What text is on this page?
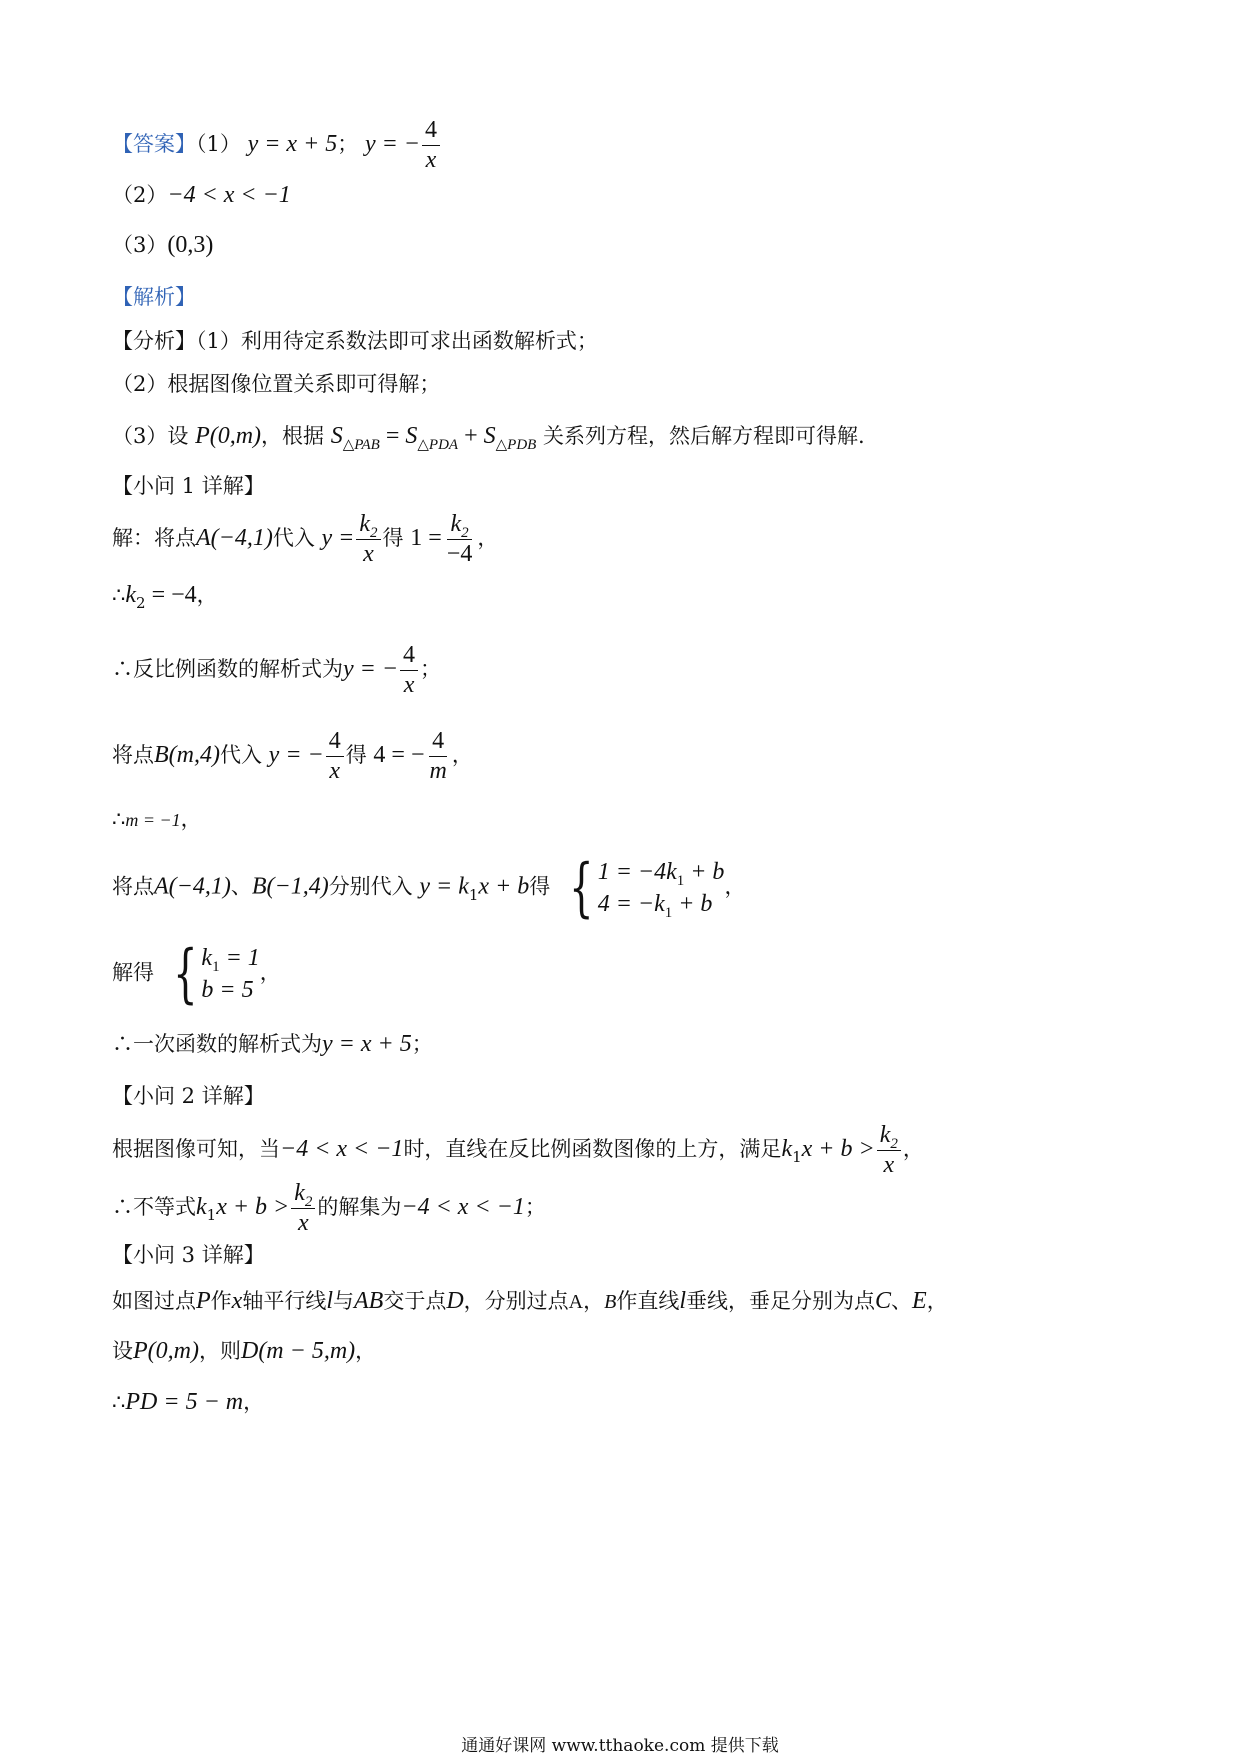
【答案】（1） y = x + 5； y = − $\frac{4}{x}$
（2）−4 < x < −1
（3）(0,3)
【解析】
【分析】（1）利用待定系数法即可求出函数解析式；
（2）根据图像位置关系即可得解；
（3）设 P(0,m)，根据 $S_{\triangle PAB} = S_{\triangle PDA} + S_{\triangle PDB}$ 关系列方程，然后解方程即可得解.
【小问 1 详解】
解：将点A(−4,1)代入 $y = \frac{k_2}{x}$ 得 $1 = \frac{k_2}{-4}$ ，
$\therefore k_2 = -4$，
∴反比例函数的解析式为y = − $\frac{4}{x}$ ；
将点B(m,4)代入 y = − $\frac{4}{x}$ 得 4 = − $\frac{4}{m}$ ，
∴m = −1，
将点A(−4,1)、B(−1,4)分别代入 $y = k_1x + b$得 { $1 = -4k_1 + b$
$4 = -k_1 + b$
，
解得 { $k_1 = 1$
b = 5
，
∴一次函数的解析式为y = x + 5；
【小问 2 详解】
根据图像可知，当−4 < x < −1时，直线在反比例函数图像的上方，满足$k_1x + b > \frac{k_2}{x}$ ，
∴不等式$k_1x + b > \frac{k_2}{x}$ 的解集为−4 < x < −1；
【小问 3 详解】
如图过点P作x轴平行线l与AB交于点D，分别过点A，B作直线l垂线，垂足分别为点C、E，
设P(0,m)，则D(m − 5,m)，
∴PD = 5 − m，
通通好课网 www.tthaoke.com 提供下载
